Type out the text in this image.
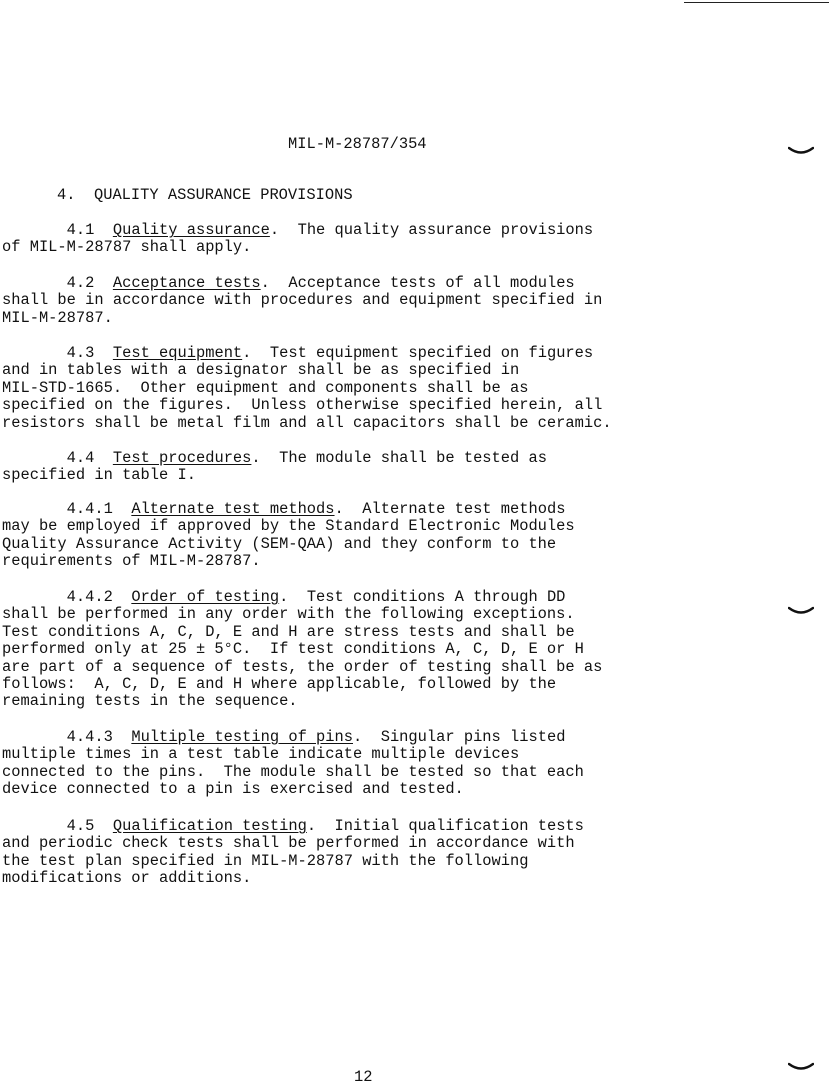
MIL-M-28787/354
4. QUALITY ASSURANCE PROVISIONS

4.1 Quality assurance.  The quality assurance provisions
of MIL-M-28787 shall apply.

4.2 Acceptance tests.  Acceptance tests of all modules
shall be in accordance with procedures and equipment specified in
MIL-M-28787.

4.3 Test equipment.  Test equipment specified on figures
and in tables with a designator shall be as specified in
MIL-STD-1665.  Other equipment and components shall be as
specified on the figures.  Unless otherwise specified herein, all
resistors shall be metal film and all capacitors shall be ceramic.

4.4 Test procedures.  The module shall be tested as
specified in table I.

4.4.1 Alternate test methods.  Alternate test methods
may be employed if approved by the Standard Electronic Modules
Quality Assurance Activity (SEM-QAA) and they conform to the
requirements of MIL-M-28787.

4.4.2 Order of testing.  Test conditions A through DD
shall be performed in any order with the following exceptions.
Test conditions A, C, D, E and H are stress tests and shall be
performed only at 25 ± 5°C.  If test conditions A, C, D, E or H
are part of a sequence of tests, the order of testing shall be as
follows:  A, C, D, E and H where applicable, followed by the
remaining tests in the sequence.

4.4.3 Multiple testing of pins.  Singular pins listed
multiple times in a test table indicate multiple devices
connected to the pins.  The module shall be tested so that each
device connected to a pin is exercised and tested.

4.5 Qualification testing.  Initial qualification tests
and periodic check tests shall be performed in accordance with
the test plan specified in MIL-M-28787 with the following
modifications or additions.

12
